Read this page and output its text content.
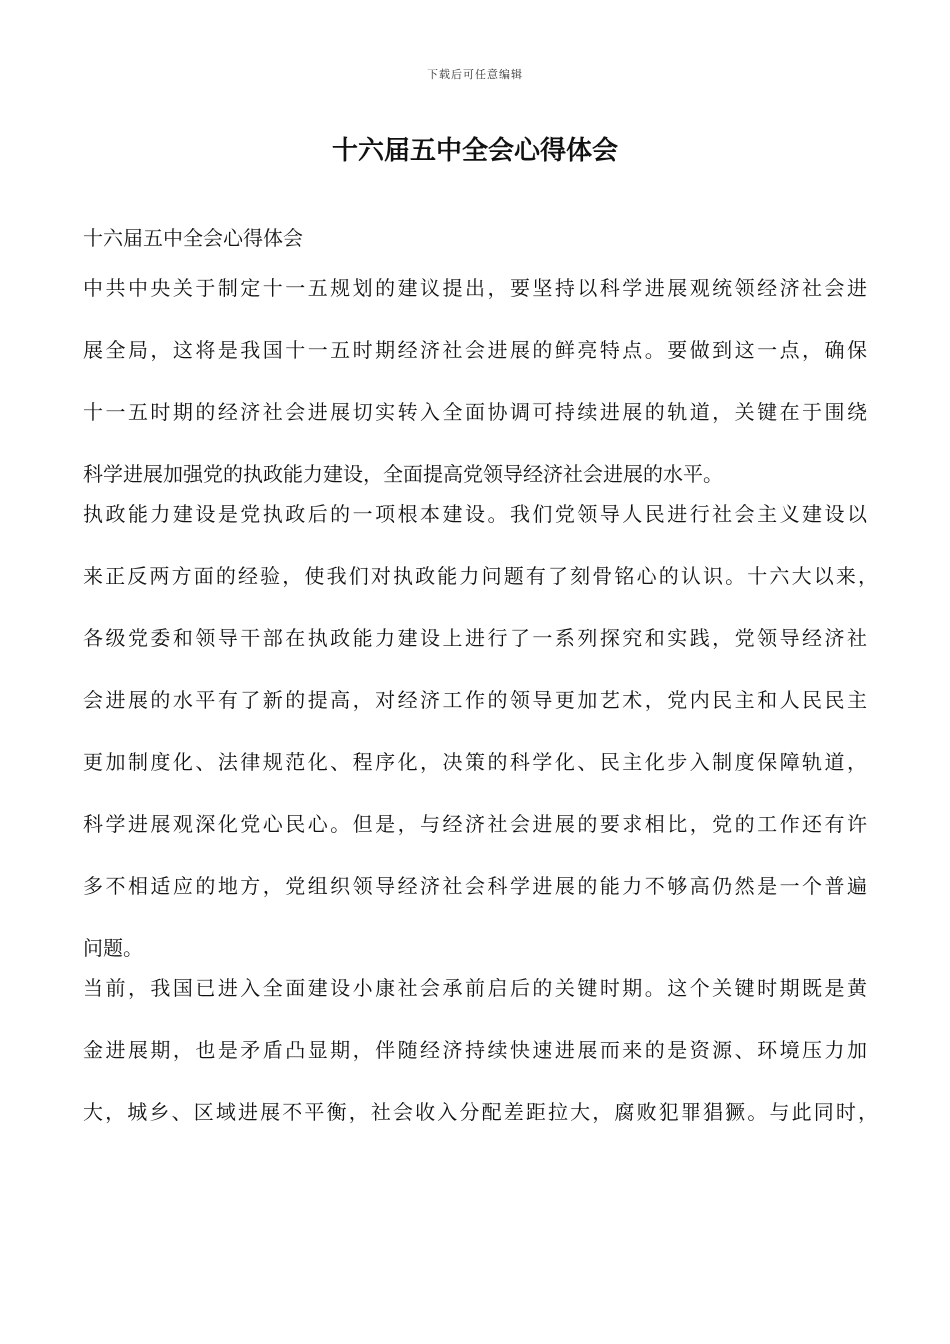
下载后可任意编辑
十六届五中全会心得体会

十六届五中全会心得体会

中共中央关于制定十一五规划的建议提出，要坚持以科学进展观统领经济社会进
展全局，这将是我国十一五时期经济社会进展的鲜亮特点。要做到这一点，确保
十一五时期的经济社会进展切实转入全面协调可持续进展的轨道，关键在于围绕
科学进展加强党的执政能力建设，全面提高党领导经济社会进展的水平。
执政能力建设是党执政后的一项根本建设。我们党领导人民进行社会主义建设以
来正反两方面的经验，使我们对执政能力问题有了刻骨铭心的认识。十六大以来，
各级党委和领导干部在执政能力建设上进行了一系列探究和实践，党领导经济社
会进展的水平有了新的提高，对经济工作的领导更加艺术，党内民主和人民民主
更加制度化、法律规范化、程序化，决策的科学化、民主化步入制度保障轨道，
科学进展观深化党心民心。但是，与经济社会进展的要求相比，党的工作还有许
多不相适应的地方，党组织领导经济社会科学进展的能力不够高仍然是一个普遍
问题。
当前，我国已进入全面建设小康社会承前启后的关键时期。这个关键时期既是黄
金进展期，也是矛盾凸显期，伴随经济持续快速进展而来的是资源、环境压力加
大，城乡、区域进展不平衡，社会收入分配差距拉大，腐败犯罪猖獗。与此同时，
